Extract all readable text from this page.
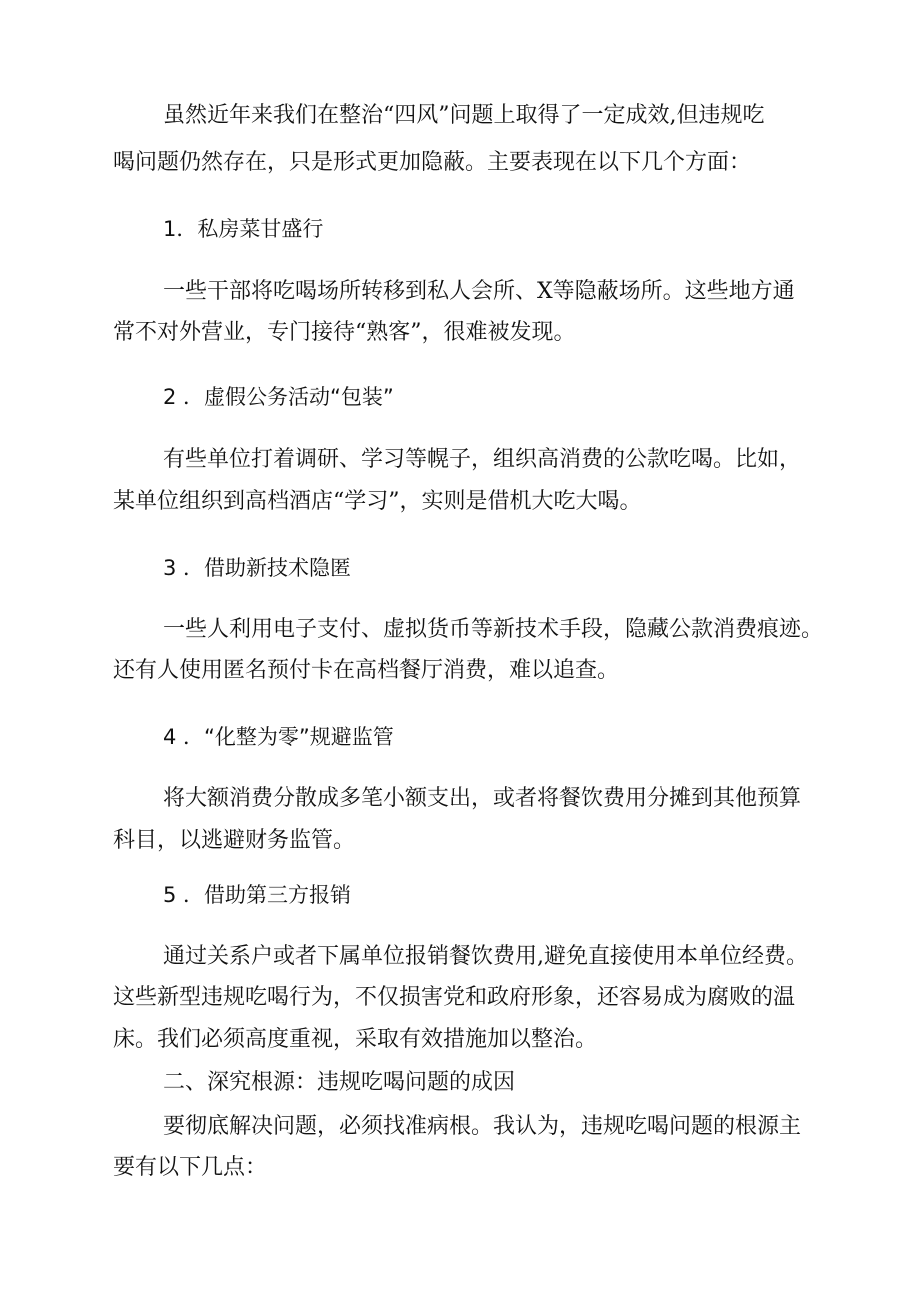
虽然近年来我们在整治“四风”问题上取得了一定成效,但违规吃
喝问题仍然存在，只是形式更加隐蔽。主要表现在以下几个方面：
1．私房菜甘盛行
一些干部将吃喝场所转移到私人会所、X等隐蔽场所。这些地方通
常不对外营业，专门接待“熟客”，很难被发现。
2 ．虚假公务活动“包装”
有些单位打着调研、学习等幌子，组织高消费的公款吃喝。比如，
某单位组织到高档酒店“学习”，实则是借机大吃大喝。
3 ．借助新技术隐匿
一些人利用电子支付、虚拟货币等新技术手段，隐藏公款消费痕迹。
还有人使用匿名预付卡在高档餐厅消费，难以追查。
4 ．“化整为零”规避监管
将大额消费分散成多笔小额支出，或者将餐饮费用分摊到其他预算
科目，以逃避财务监管。
5 ．借助第三方报销
通过关系户或者下属单位报销餐饮费用,避免直接使用本单位经费。
这些新型违规吃喝行为，不仅损害党和政府形象，还容易成为腐败的温
床。我们必须高度重视，采取有效措施加以整治。
二、深究根源：违规吃喝问题的成因
要彻底解决问题，必须找准病根。我认为，违规吃喝问题的根源主
要有以下几点：
